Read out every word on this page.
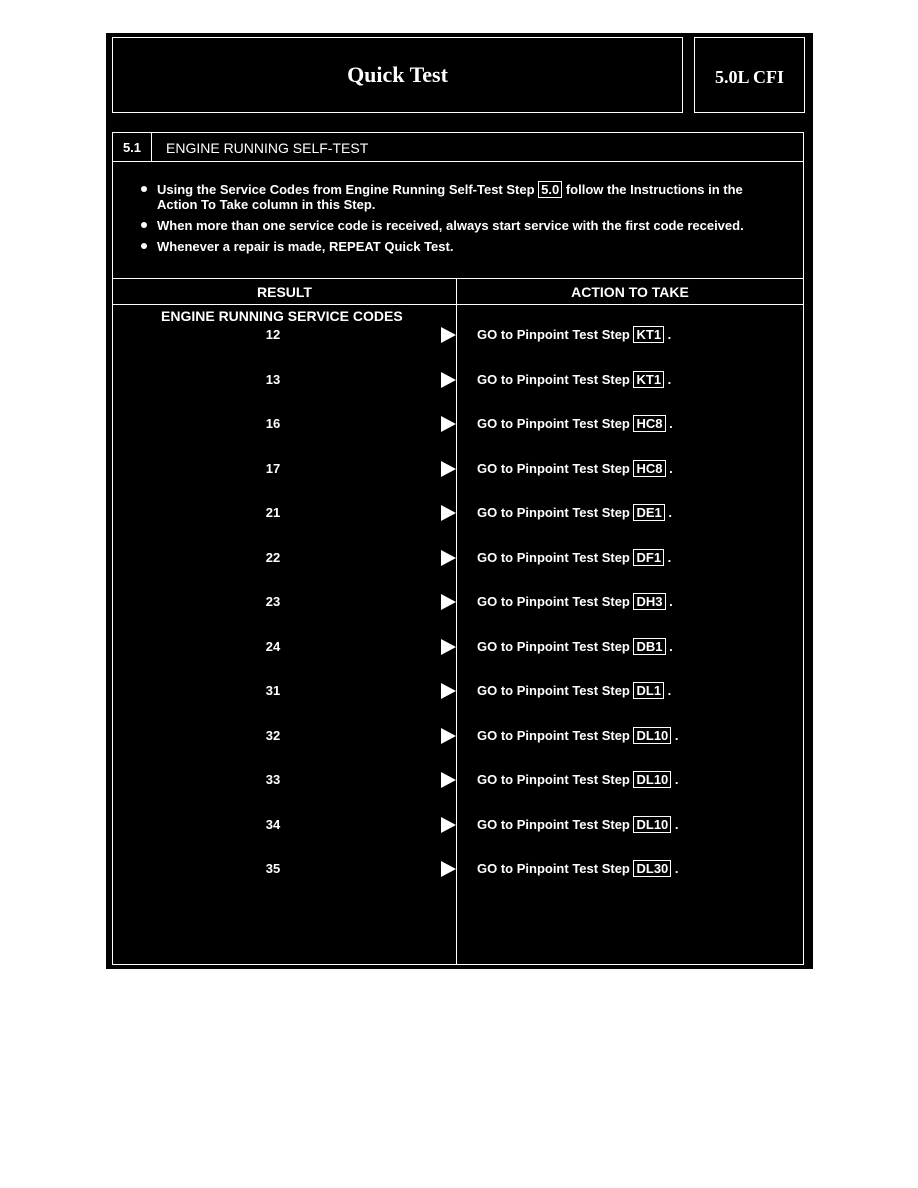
Quick Test	5.0L CFI
5.1	ENGINE RUNNING SELF-TEST
Using the Service Codes from Engine Running Self-Test Step 5.0 follow the Instructions in the Action To Take column in this Step.
When more than one service code is received, always start service with the first code received.
Whenever a repair is made, REPEAT Quick Test.
RESULT	ACTION TO TAKE
ENGINE RUNNING SERVICE CODES
12	GO to Pinpoint Test Step KT1 .
13	GO to Pinpoint Test Step KT1 .
16	GO to Pinpoint Test Step HC8 .
17	GO to Pinpoint Test Step HC8 .
21	GO to Pinpoint Test Step DE1 .
22	GO to Pinpoint Test Step DF1 .
23	GO to Pinpoint Test Step DH3 .
24	GO to Pinpoint Test Step DB1 .
31	GO to Pinpoint Test Step DL1 .
32	GO to Pinpoint Test Step DL10 .
33	GO to Pinpoint Test Step DL10 .
34	GO to Pinpoint Test Step DL10 .
35	GO to Pinpoint Test Step DL30 .
